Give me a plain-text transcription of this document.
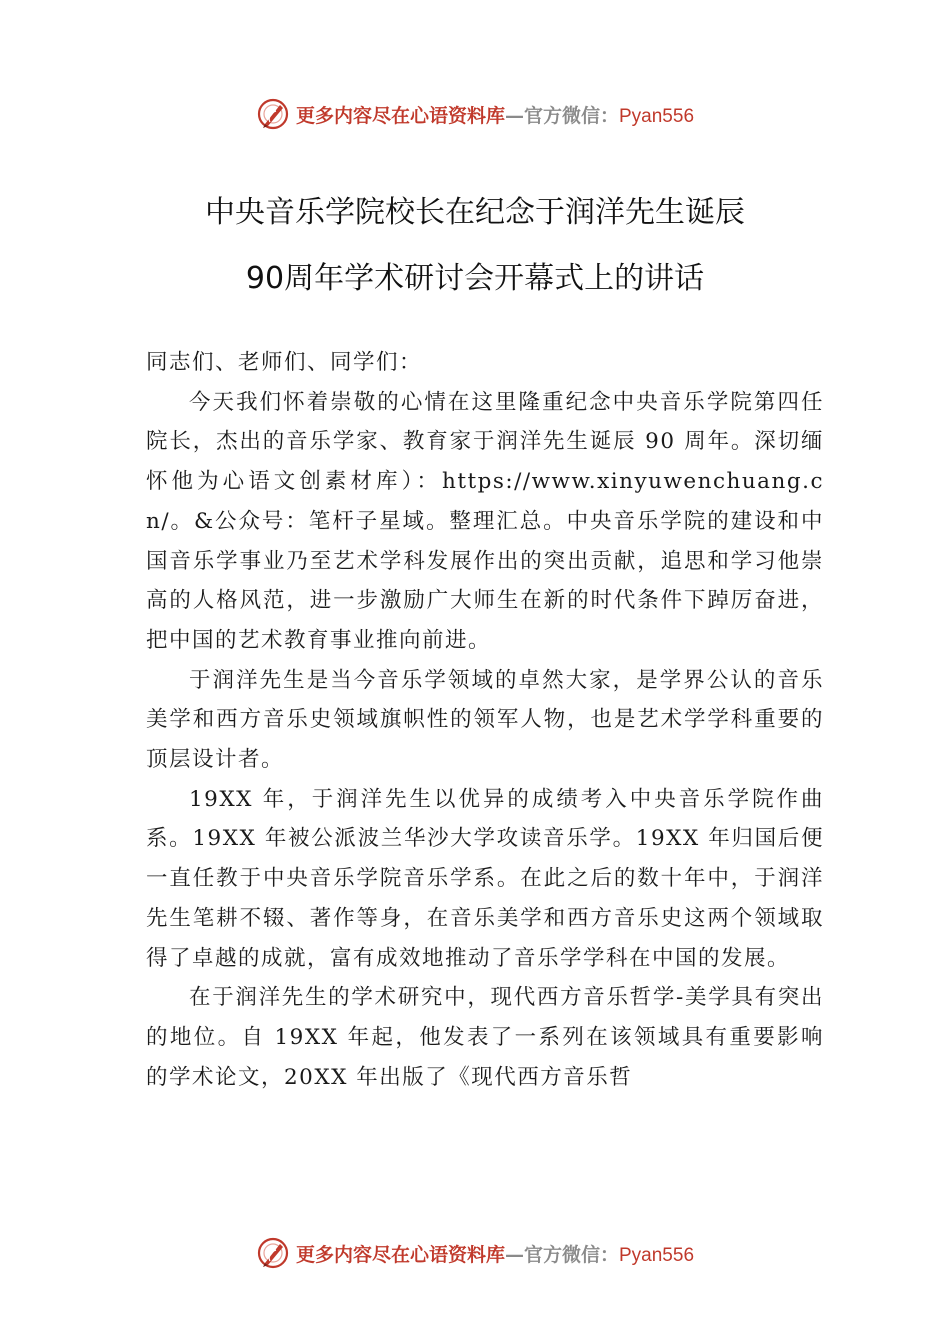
更多内容尽在心语资料库—官方微信：Pyan556
中央音乐学院校长在纪念于润洋先生诞辰
90周年学术研讨会开幕式上的讲话

同志们、老师们、同学们：

今天我们怀着崇敬的心情在这里隆重纪念中央音乐学院第四任院长，杰出的音乐学家、教育家于润洋先生诞辰 90 周年。深切缅怀他为心语文创素材库）：https://www.xinyuwenchuang.cn/。&公众号：笔杆子星域。整理汇总。中央音乐学院的建设和中国音乐学事业乃至艺术学科发展作出的突出贡献，追思和学习他崇高的人格风范，进一步激励广大师生在新的时代条件下踔厉奋进， 把中国的艺术教育事业推向前进。

于润洋先生是当今音乐学领域的卓然大家，是学界公认的音乐美学和西方音乐史领域旗帜性的领军人物，也是艺术学学科重要的顶层设计者。

19XX 年，于润洋先生以优异的成绩考入中央音乐学院作曲系。19XX 年被公派波兰华沙大学攻读音乐学。19XX 年归国后便一直任教于中央音乐学院音乐学系。在此之后的数十年中，于润洋先生笔耕不辍、著作等身，在音乐美学和西方音乐史这两个领域取得了卓越的成就，富有成效地推动了音乐学学科在中国的发展。

在于润洋先生的学术研究中，现代西方音乐哲学-美学具有突出的地位。自 19XX 年起，他发表了一系列在该领域具有重要影响的学术论文，20XX 年出版了《现代西方音乐哲

更多内容尽在心语资料库—官方微信：Pyan556
